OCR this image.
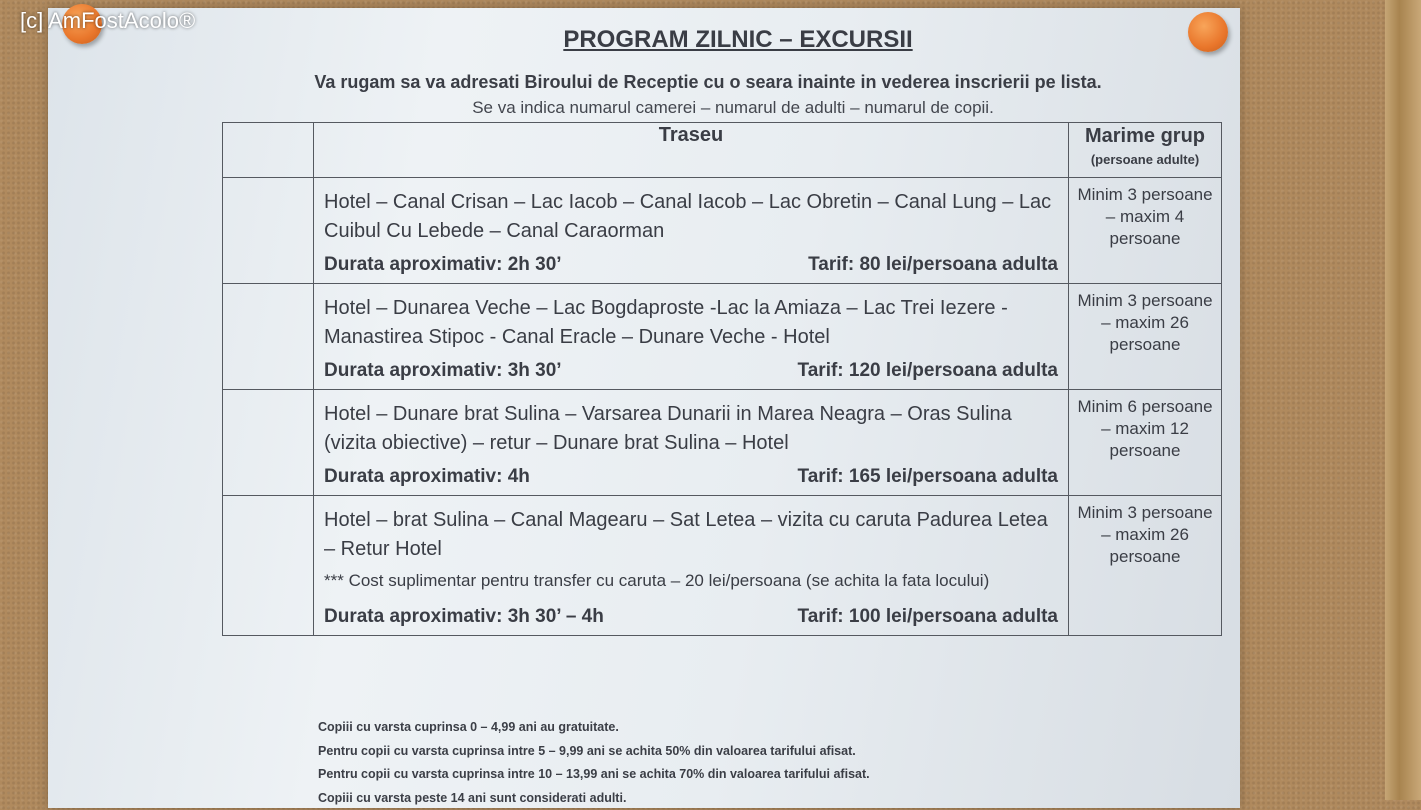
PROGRAM ZILNIC – EXCURSII
Va rugam sa va adresati Biroului de Receptie cu o seara inainte in vederea inscrierii pe lista.
Se va indica numarul camerei – numarul de adulti – numarul de copii.
	Traseu	Marime grup
(persoane adulte)

	Hotel – Canal Crisan – Lac Iacob – Canal Iacob – Lac Obretin – Canal Lung – Lac Cuibul Cu Lebede – Canal Caraorman
Durata aproximativ: 2h 30’ Tarif: 80 lei/persoana adulta	Minim 3 persoane – maxim 4 persoane

	Hotel – Dunarea Veche – Lac Bogdaproste -Lac la Amiaza – Lac Trei Iezere - Manastirea Stipoc - Canal Eracle – Dunare Veche - Hotel
Durata aproximativ: 3h 30’ Tarif: 120 lei/persoana adulta	Minim 3 persoane – maxim 26 persoane

	Hotel – Dunare brat Sulina – Varsarea Dunarii in Marea Neagra – Oras Sulina (vizita obiective) – retur – Dunare brat Sulina – Hotel
Durata aproximativ: 4h Tarif: 165 lei/persoana adulta	Minim 6 persoane – maxim 12 persoane

	Hotel – brat Sulina – Canal Magearu – Sat Letea – vizita cu caruta Padurea Letea – Retur Hotel
*** Cost suplimentar pentru transfer cu caruta – 20 lei/persoana (se achita la fata locului)
Durata aproximativ: 3h 30’ – 4h Tarif: 100 lei/persoana adulta	Minim 3 persoane – maxim 26 persoane
Copiii cu varsta cuprinsa 0 – 4,99 ani au gratuitate.
Pentru copii cu varsta cuprinsa intre 5 – 9,99 ani se achita 50% din valoarea tarifului afisat.
Pentru copii cu varsta cuprinsa intre 10 – 13,99 ani se achita 70% din valoarea tarifului afisat.
Copiii cu varsta peste 14 ani sunt considerati adulti.
[c] AmFostAcolo®
